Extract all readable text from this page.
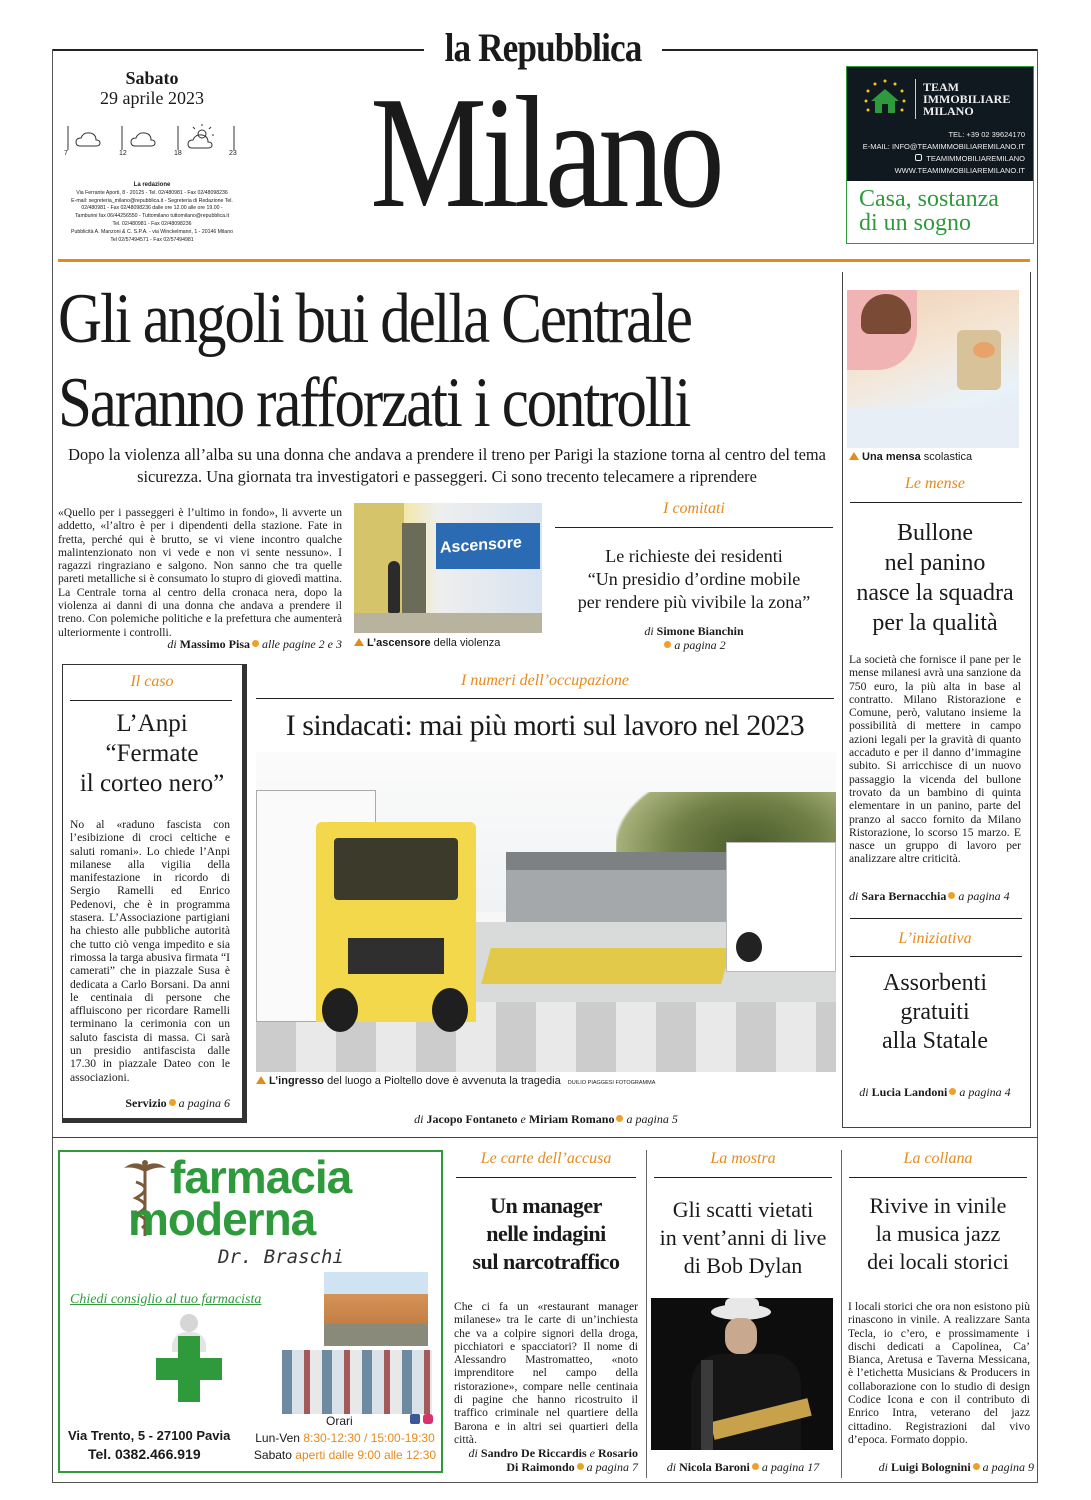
la Repubblica
Sabato
29 aprile 2023
7	12	18	23
La redazione
Via Ferrante Aporti, 8 - 20125 - Tel. 02/480981 - Fax 02/48098236
E-mail: segreteria_milano@repubblica.it - Segreteria di Redazione Tel.
02/480981 - Fax 02/48098236 dalle ore 12.00 alle ore 19.00 -
Tamburini fax 06/44256550 - Tuttomilano tuttomilano@repubblica.it
Tel. 02/480981 - Fax 02/48098236
Pubblicità A. Manzoni & C. S.P.A. - via Winckelmann, 1 - 20146 Milano
Tel 02/57494571 - Fax 02/57494981	Milano	TEAM
IMMOBILIARE
MILANO
TEL: +39 02 39624170
E-MAIL: INFO@TEAMIMMOBILIAREMILANO.IT
TEAMIMMOBILIAREMILANO
WWW.TEAMIMMOBILIAREMILANO.IT
Casa, sostanza
di un sogno
Gli angoli bui della Centrale
Saranno rafforzati i controlli
Dopo la violenza all’alba su una donna che andava a prendere il treno per Parigi la stazione torna al centro del tema sicurezza. Una giornata tra investigatori e passeggeri. Ci sono trecento telecamere a riprendere
«Quello per i passeggeri è l’ultimo in fondo», li avverte un addetto, «l’altro è per i dipendenti della stazione. Fate in fretta, perché qui è brutto, se vi viene incontro qualche malintenzionato non vi vede e non vi sente nessuno». I ragazzi ringraziano e salgono. Non sanno che tra quelle pareti metalliche si è consumato lo stupro di giovedì mattina. La Centrale torna al centro della cronaca nera, dopo la violenza ai danni di una donna che andava a prendere il treno. Con polemiche politiche e la prefettura che aumenterà ulteriormente i controlli.
di Massimo Pisa alle pagine 2 e 3
Ascensore
L’ascensore della violenza
I comitati
Le richieste dei residenti
“Un presidio d’ordine mobile
per rendere più vivibile la zona”
di Simone Bianchin
a pagina 2
Una mensa scolastica
Le mense
Bullone
nel panino
nasce la squadra
per la qualità
La società che fornisce il pane per le mense milanesi avrà una sanzione da 750 euro, la più alta in base al contratto. Milano Ristorazione e Comune, però, valutano insieme la possibilità di mettere in campo azioni legali per la gravità di quanto accaduto e per il danno d’immagine subito. Si arricchisce di un nuovo passaggio la vicenda del bullone trovato da un bambino di quinta elementare in un panino, parte del pranzo al sacco fornito da Milano Ristorazione, lo scorso 15 marzo. E nasce un gruppo di lavoro per analizzare altre criticità.
di Sara Bernacchia a pagina 4
L’iniziativa
Assorbenti
gratuiti
alla Statale
di Lucia Landoni a pagina 4
Il caso
L’Anpi
“Fermate
il corteo nero”
No al «raduno fascista con l’esibizione di croci celtiche e saluti romani». Lo chiede l’Anpi milanese alla vigilia della manifestazione in ricordo di Sergio Ramelli ed Enrico Pedenovi, che è in programma stasera. L’Associazione partigiani ha chiesto alle pubbliche autorità che tutto ciò venga impedito e sia rimossa la targa abusiva firmata “I camerati” che in piazzale Susa è dedicata a Carlo Borsani. Da anni le centinaia di persone che affluiscono per ricordare Ramelli terminano la cerimonia con un saluto fascista di massa. Ci sarà un presidio antifascista dalle 17.30 in piazzale Dateo con le associazioni.
Servizio a pagina 6
I numeri dell’occupazione
I sindacati: mai più morti sul lavoro nel 2023
L’ingresso del luogo a Pioltello dove è avvenuta la tragedia DUILIO PIAGGESI FOTOGRAMMA
di Jacopo Fontaneto e Miriam Romano a pagina 5
farmacia
moderna
Dr. Braschi
Chiedi consiglio al tuo farmacista
Orari
Via Trento, 5 - 27100 Pavia
Tel. 0382.466.919
Lun-Ven 8:30-12:30 / 15:00-19:30
Sabato aperti dalle 9:00 alle 12:30
Le carte dell’accusa
Un manager
nelle indagini
sul narcotraffico
Che ci fa un «restaurant manager milanese» tra le carte di un’inchiesta che va a colpire signori della droga, picchiatori e spacciatori? Il nome di Alessandro Mastromatteo, «noto imprenditore nel campo della ristorazione», compare nelle centinaia di pagine che hanno ricostruito il traffico criminale nel quartiere della Barona e in altri sei quartieri della città.
di Sandro De Riccardis e Rosario
Di Raimondo a pagina 7
La mostra
Gli scatti vietati
in vent’anni di live
di Bob Dylan
di Nicola Baroni a pagina 17
La collana
Rivive in vinile
la musica jazz
dei locali storici
I locali storici che ora non esistono più rinascono in vinile. A realizzare Santa Tecla, io c’ero, e prossimamente i dischi dedicati a Capolinea, Ca’ Bianca, Aretusa e Taverna Messicana, è l’etichetta Musicians & Producers in collaborazione con lo studio di design Codice Icona e con il contributo di Enrico Intra, veterano del jazz cittadino. Registrazioni dal vivo d’epoca. Formato doppio.
di Luigi Bolognini a pagina 9
